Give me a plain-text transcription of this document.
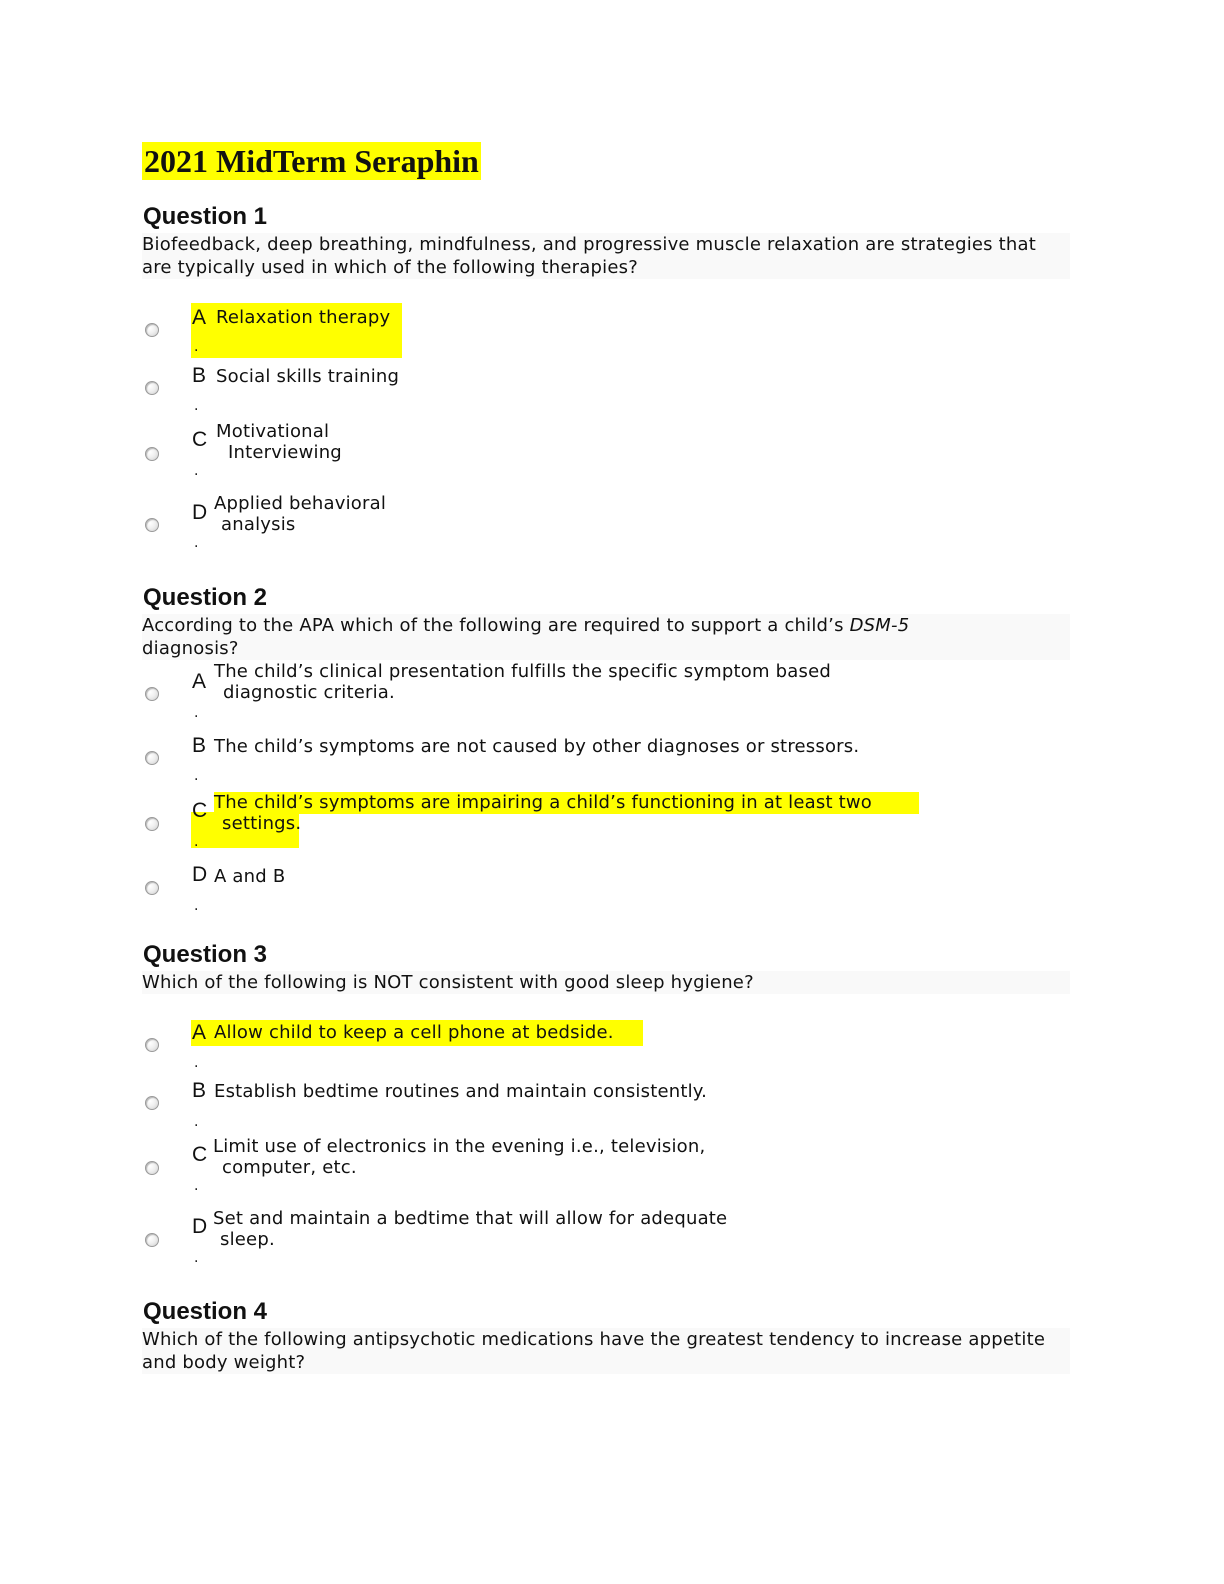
2021 MidTerm Seraphin
Question 1

Biofeedback, deep breathing, mindfulness, and progressive muscle relaxation are strategies that are typically used in which of the following therapies?

A
.
Relaxation therapy
B
.
Social skills training
C
.
Motivational
Interviewing
D
.
Applied behavioral
analysis
Question 2

According to the APA which of the following are required to support a child’s DSM-5 diagnosis?

A
.
The child’s clinical presentation fulfills the specific symptom based
diagnostic criteria.
B
.
The child’s symptoms are not caused by other diagnoses or stressors.
C
.
The child’s symptoms are impairing a child’s functioning in at least two
settings.
D
.
A and B
Question 3

Which of the following is NOT consistent with good sleep hygiene?

A
.
Allow child to keep a cell phone at bedside.
B
.
Establish bedtime routines and maintain consistently.
C
.
Limit use of electronics in the evening i.e., television,
computer, etc.
D
.
Set and maintain a bedtime that will allow for adequate
sleep.
Question 4

Which of the following antipsychotic medications have the greatest tendency to increase appetite and body weight?
